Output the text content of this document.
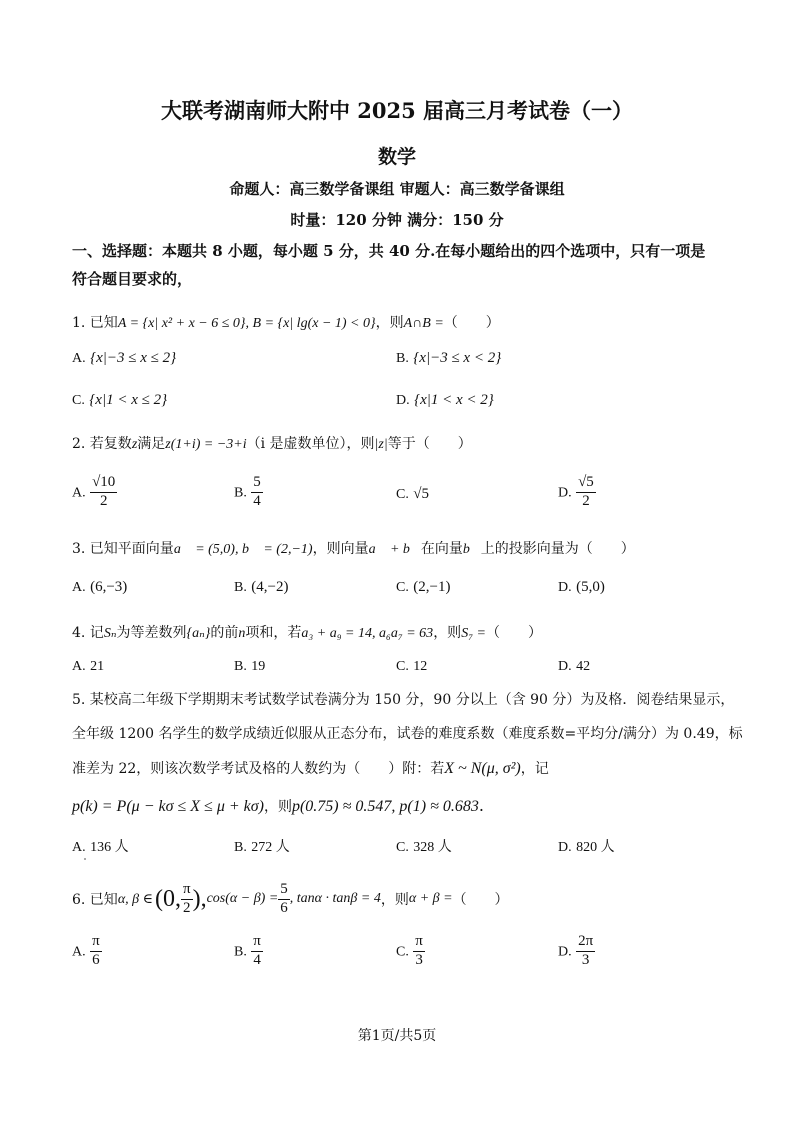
大联考湖南师大附中 2025 届高三月考试卷（一）
数学
命题人：高三数学备课组 审题人：高三数学备课组
时量：120 分钟 满分：150 分
一、选择题：本题共 8 小题，每小题 5 分，共 40 分.在每小题给出的四个选项中，只有一项是
符合题目要求的，
1. 已知A = {x| x² + x − 6 ≤ 0}, B = {x| lg(x − 1) < 0}，则A∩B =（　　）
A. {x|−3 ≤ x ≤ 2}	B. {x|−3 ≤ x < 2}
C. {x|1 < x ≤ 2}	D. {x|1 < x < 2}
2. 若复数z满足z(1+i) = −3+i（i 是虚数单位），则|z|等于（　　）
A. $\frac{√10}{2}$	B. $\frac{5}{4}$	C. √5	D. $\frac{√5}{2}$
3. 已知平面向量a⃗ = (5,0), b⃗ = (2,−1)，则向量a⃗ + b⃗在向量b⃗上的投影向量为（　　）
A. (6,−3)	B. (4,−2)	C. (2,−1)	D. (5,0)
4. 记Sₙ为等差数列{aₙ}的前n项和，若a₃ + a₉ = 14, a₆a₇ = 63，则S₇ =（　　）
A. 21	B. 19	C. 12	D. 42
5. 某校高二年级下学期期末考试数学试卷满分为 150 分，90 分以上（含 90 分）为及格．阅卷结果显示，
全年级 1200 名学生的数学成绩近似服从正态分布，试卷的难度系数（难度系数=平均分/满分）为 0.49，标
准差为 22，则该次数学考试及格的人数约为（　　）附：若X ~ N(μ, σ²)，记
p(k) = P(μ − kσ ≤ X ≤ μ + kσ)，则p(0.75) ≈ 0.547, p(1) ≈ 0.683.
A. 136 人	B. 272 人	C. 328 人	D. 820 人
6. 已知 α, β ∈ (0, $\frac{\pi}{2}$ ), $\cos(\alpha - \beta) = \frac{5}{6}$ , tanα · tanβ = 4 ，则 α + β = （　　）
A. $\frac{\pi}{6}$	B. $\frac{\pi}{4}$	C. $\frac{\pi}{3}$	D. $\frac{2\pi}{3}$
第1页/共5页
